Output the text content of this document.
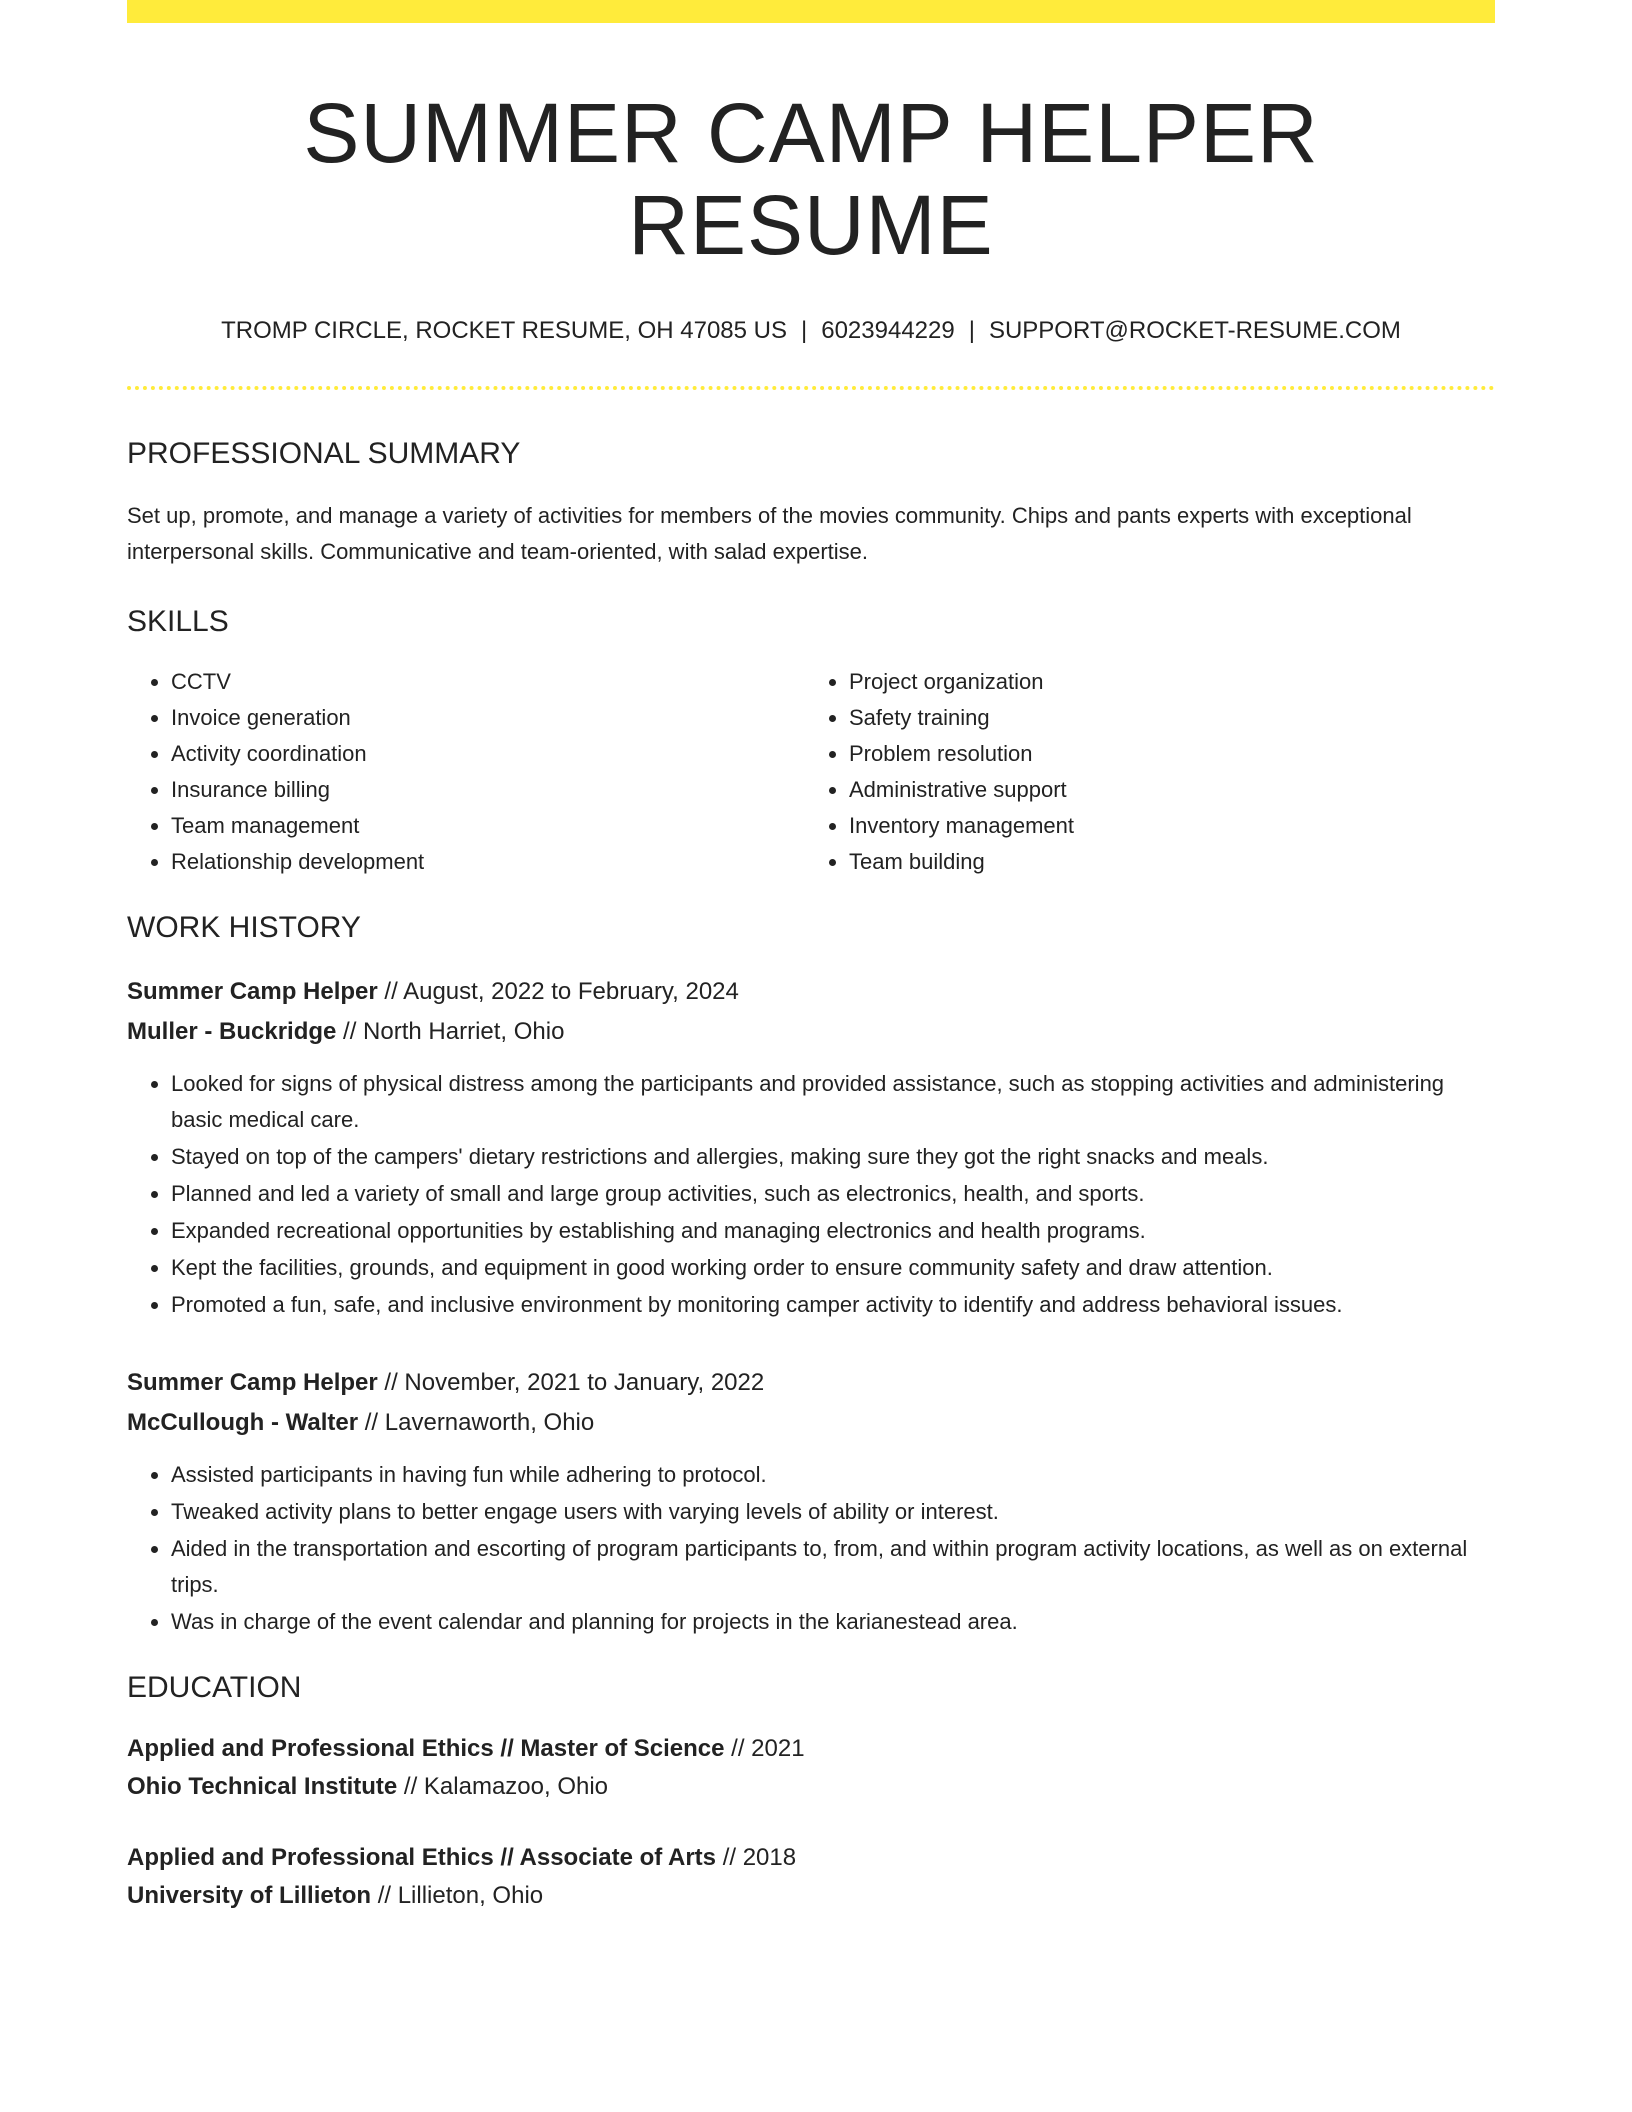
SUMMER CAMP HELPER RESUME
TROMP CIRCLE, ROCKET RESUME, OH 47085 US | 6023944229 | SUPPORT@ROCKET-RESUME.COM
PROFESSIONAL SUMMARY

Set up, promote, and manage a variety of activities for members of the movies community. Chips and pants experts with exceptional interpersonal skills. Communicative and team-oriented, with salad expertise.

SKILLS
• CCTV
• Invoice generation
• Activity coordination
• Insurance billing
• Team management
• Relationship development
• Project organization
• Safety training
• Problem resolution
• Administrative support
• Inventory management
• Team building
WORK HISTORY
Summer Camp Helper // August, 2022 to February, 2024
Muller - Buckridge // North Harriet, Ohio
• Looked for signs of physical distress among the participants and provided assistance, such as stopping activities and administering basic medical care.
• Stayed on top of the campers' dietary restrictions and allergies, making sure they got the right snacks and meals.
• Planned and led a variety of small and large group activities, such as electronics, health, and sports.
• Expanded recreational opportunities by establishing and managing electronics and health programs.
• Kept the facilities, grounds, and equipment in good working order to ensure community safety and draw attention.
• Promoted a fun, safe, and inclusive environment by monitoring camper activity to identify and address behavioral issues.
Summer Camp Helper // November, 2021 to January, 2022
McCullough - Walter // Lavernaworth, Ohio
• Assisted participants in having fun while adhering to protocol.
• Tweaked activity plans to better engage users with varying levels of ability or interest.
• Aided in the transportation and escorting of program participants to, from, and within program activity locations, as well as on external trips.
• Was in charge of the event calendar and planning for projects in the karianestead area.
EDUCATION
Applied and Professional Ethics // Master of Science // 2021
Ohio Technical Institute // Kalamazoo, Ohio
Applied and Professional Ethics // Associate of Arts // 2018
University of Lillieton // Lillieton, Ohio
